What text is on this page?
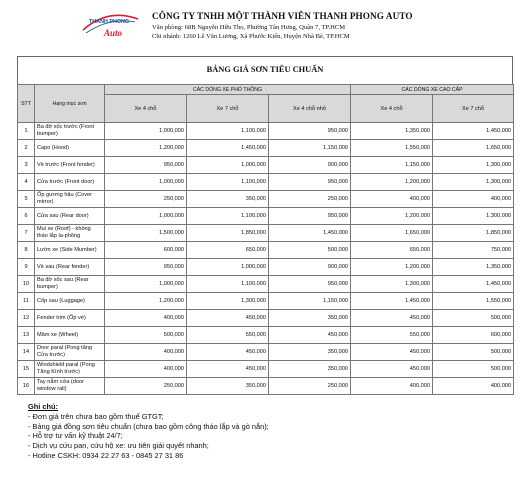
THANH PHONG
Auto
CÔNG TY TNHH MỘT THÀNH VIÊN THANH PHONG AUTO
Văn phòng: 68B Nguyễn Hữu Thọ, Phường Tân Hưng, Quận 7, TP.HCM
Chi nhánh: 1260 Lê Văn Lương, Xã Phước Kiển, Huyện Nhà Bè, TP.HCM
BẢNG GIÁ SƠN TIÊU CHUẨN
STT	Hạng mục sơn	CÁC DÒNG XE PHỔ THÔNG			CÁC DÒNG XE CAO CẤP	
		Xe 4 chỗ	Xe 7 chỗ	Xe 4 chỗ nhỏ	Xe 4 chỗ	Xe 7 chỗ
1	Ba đờ xốc trước (Front bumper)	1,000,000	1,100,000	950,000	1,350,000	1,450,000
2	Capo (Hood)	1,200,000	1,450,000	1,150,000	1,550,000	1,650,000
3	Vè trước (Front fender)	950,000	1,000,000	900,000	1,150,000	1,300,000
4	Cửa trước (Front door)	1,000,000	1,100,000	950,000	1,200,000	1,300,000
5	Ốp gương hậu (Cover mirror)	250,000	350,000	250,000	400,000	400,000
6	Cửa sau (Rear door)	1,000,000	1,100,000	950,000	1,200,000	1,300,000
7	Mui xe (Roof) - không tháo lắp la-phông	1,500,000	1,850,000	1,450,000	1,650,000	1,850,000
8	Lườn xe (Side Mumber)	600,000	650,000	500,000	650,000	750,000
9	Vè sau (Rear fender)	950,000	1,000,000	900,000	1,200,000	1,350,000
10	Ba đờ xốc sau (Rear bumper)	1,000,000	1,100,000	950,000	1,300,000	1,450,000
11	Cốp sau (Luggage)	1,200,000	1,300,000	1,150,000	1,450,000	1,550,000
12	Fender trim (Ốp vè)	400,000	450,000	350,000	450,000	500,000
13	Mâm xe (Wheel)	500,000	550,000	450,000	550,000	600,000
14	Door paral (Pong tăng Cửa trước)	400,000	450,000	350,000	450,000	500,000
15	Windshield paral (Pong Tăng Kính trước)	400,000	450,000	350,000	450,000	500,000
16	Tay nắm cửa (door window rail)	250,000	350,000	250,000	400,000	400,000
Ghi chú:
- Đơn giá trên chưa bao gồm thuế GTGT;
- Bảng giá đồng sơn tiêu chuẩn (chưa bao gồm công tháo lắp và gò nắn);
- Hỗ trợ tư vấn kỹ thuật 24/7;
- Dịch vụ cứu pan, cứu hộ xe: ưu tiên giải quyết nhanh;
- Hotline CSKH: 0934 22 27 63 - 0845 27 31 86
